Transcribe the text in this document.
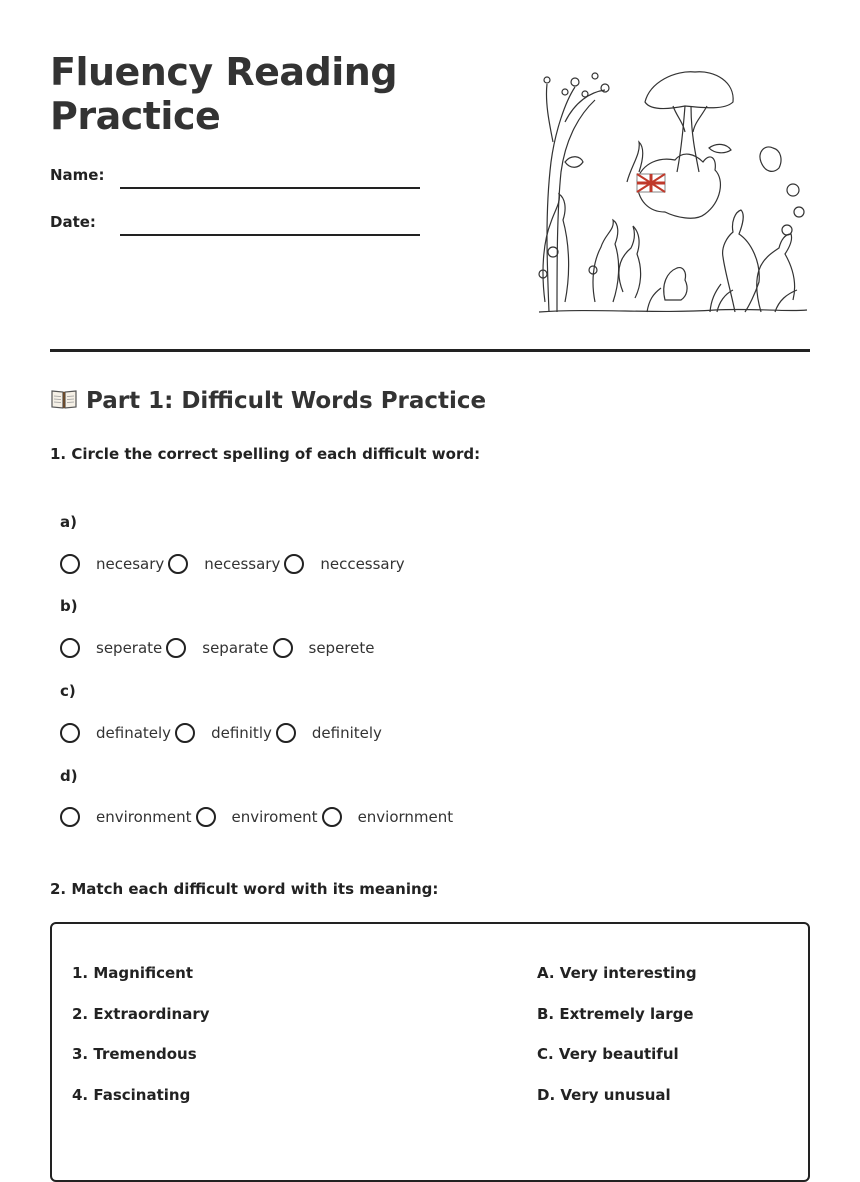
Fluency Reading Practice
Name:
Date:
Part 1: Difficult Words Practice
1. Circle the correct spelling of each difficult word:
a)
necesary	necessary	neccessary
b)
seperate	separate	seperete
c)
definately	definitly	definitely
d)
environment	enviroment	enviornment
2. Match each difficult word with its meaning:
1. Magnificent
2. Extraordinary
3. Tremendous
4. Fascinating
A. Very interesting
B. Extremely large
C. Very beautiful
D. Very unusual
